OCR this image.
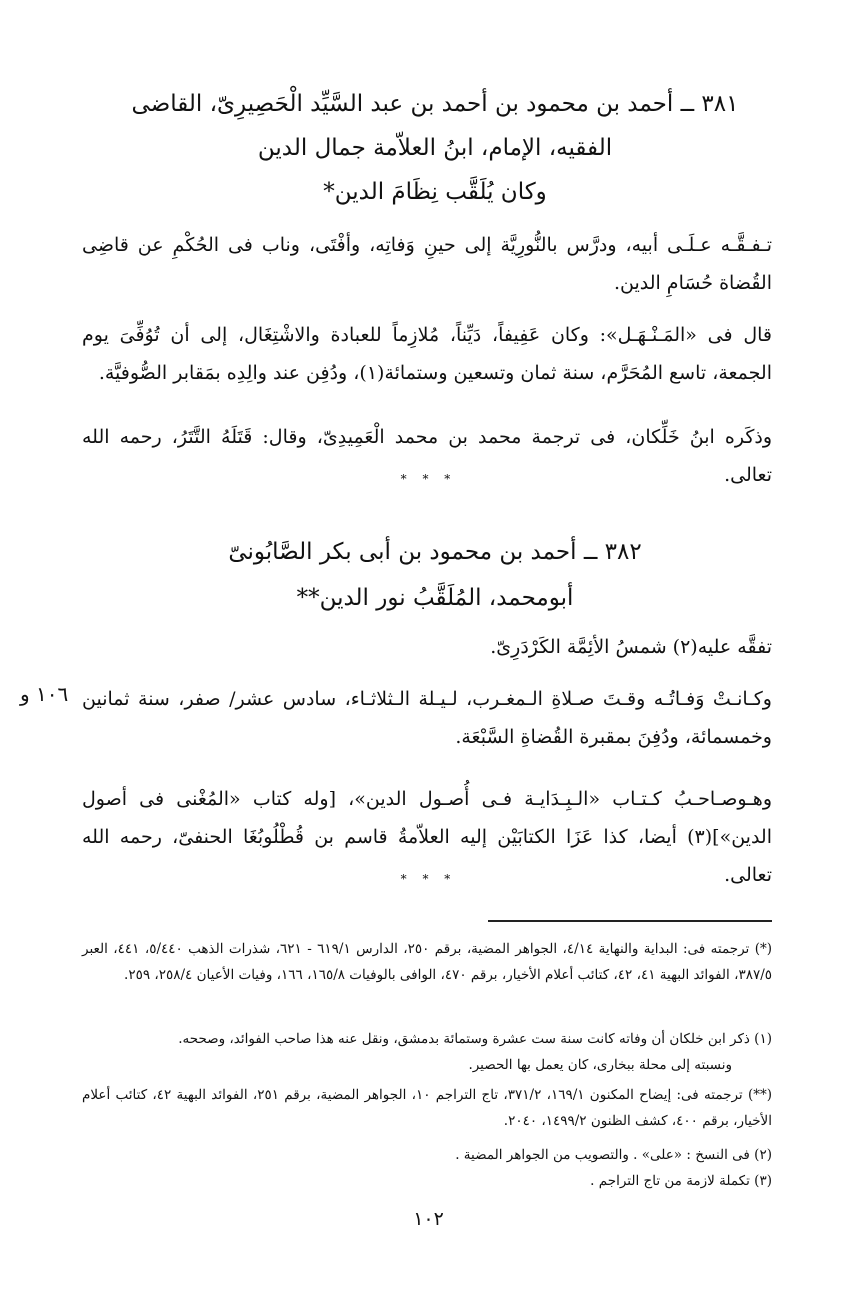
٣٨١ ــ أحمد بن محمود بن أحمد بن عبد السَّيِّد الْحَصِيرِىّ، القاضى
الفقيه، الإمام، ابنُ العلاّمة جمال الدين
وكان يُلَقَّب نِظَامَ الدين*
تـفـقَّـه عـلَـى أبيه، ودرَّس بالنُّورِيَّة إلى حينِ وَفاتِه، وأفْتَى، وناب فى الحُكْمِ عن قاضِى القُضاة حُسَامِ الدين.
قال فى «المَـنْـهَـل»: وكان عَفِيفاً، دَيِّناً، مُلازِماً للعبادة والاشْتِغَال، إلى أن تُوُفِّىَ يوم الجمعة، تاسع المُحَرَّم، سنة ثمان وتسعين وستمائة(١)، ودُفِن عند والِدِه بمَقابر الصُّوفيَّة.
وذكَره ابنُ خَلِّكان، فى ترجمة محمد بن محمد الْعَمِيدِىّ، وقال: قَتَلَهُ التَّتَرُ، رحمه الله تعالى.
* * *
٣٨٢ ــ أحمد بن محمود بن أبى بكر الصَّابُونىّ
أبومحمد، المُلَقَّبُ نور الدين**
تفقَّه عليه(٢) شمسُ الأئِمَّة الكَرْدَرِىّ.
وكـانـتْ وَفـاتُـه وقـتَ صـلاةِ الـمغـرب، لـيـلة الـثلاثـاء، سادس عشر/ صفر، سنة ثمانين وخمسمائة، ودُفِنَ بمقبرة القُضاةِ السَّبْعَة.
١٠٦ و
وهـوصـاحـبُ كـتـاب «الـبِـدَايـة فـى أُصـول الدين»، [وله كتاب «المُغْنى فى أصول الدين»](٣) أيضا، كذا عَزَا الكتابَيْن إليه العلاّمةُ قاسم بن قُطْلُوبُغَا الحنفىّ، رحمه الله تعالى.
* * *
(*) ترجمته فى: البداية والنهاية ٤/١٤، الجواهر المضية، برقم ٢٥٠، الدارس ٦١٩/١ - ٦٢١، شذرات الذهب ٥/٤٤٠، ٤٤١، العبر ٣٨٧/٥، الفوائد البهية ٤١، ٤٢، كتائب أعلام الأخيار، برقم ٤٧٠، الوافى بالوفيات ١٦٥/٨، ١٦٦، وفيات الأعيان ٢٥٨/٤، ٢٥٩.
(١) ذكر ابن خلكان أن وفاته كانت سنة ست عشرة وستمائة بدمشق، ونقل عنه هذا صاحب الفوائد، وصححه.
ونسبته إلى محلة ببخارى، كان يعمل بها الحصير.
(**) ترجمته فى: إيضاح المكنون ١٦٩/١، ٣٧١/٢، تاج التراجم ١٠، الجواهر المضية، برقم ٢٥١، الفوائد البهية ٤٢، كتائب أعلام الأخيار، برقم ٤٠٠، كشف الظنون ١٤٩٩/٢، ٢٠٤٠.
(٢) فى النسخ : «على» . والتصويب من الجواهر المضية .
(٣) تكملة لازمة من تاج التراجم .
١٠٢
